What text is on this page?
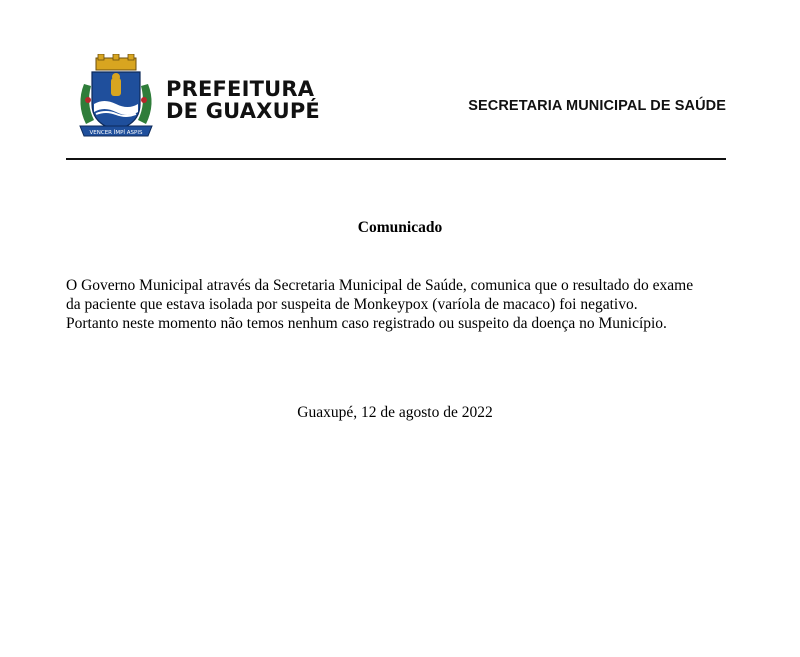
VENCER ÍMPÍ ASPIS
PREFEITURA
DE GUAXUPÉ	SECRETARIA MUNICIPAL DE SAÚDE
Comunicado
O Governo Municipal através da Secretaria Municipal de Saúde, comunica que o resultado do exame
da paciente que estava isolada por suspeita de Monkeypox (varíola de macaco) foi negativo.
Portanto neste momento não temos nenhum caso registrado ou suspeito da doença no Município.
Guaxupé, 12 de agosto de 2022
